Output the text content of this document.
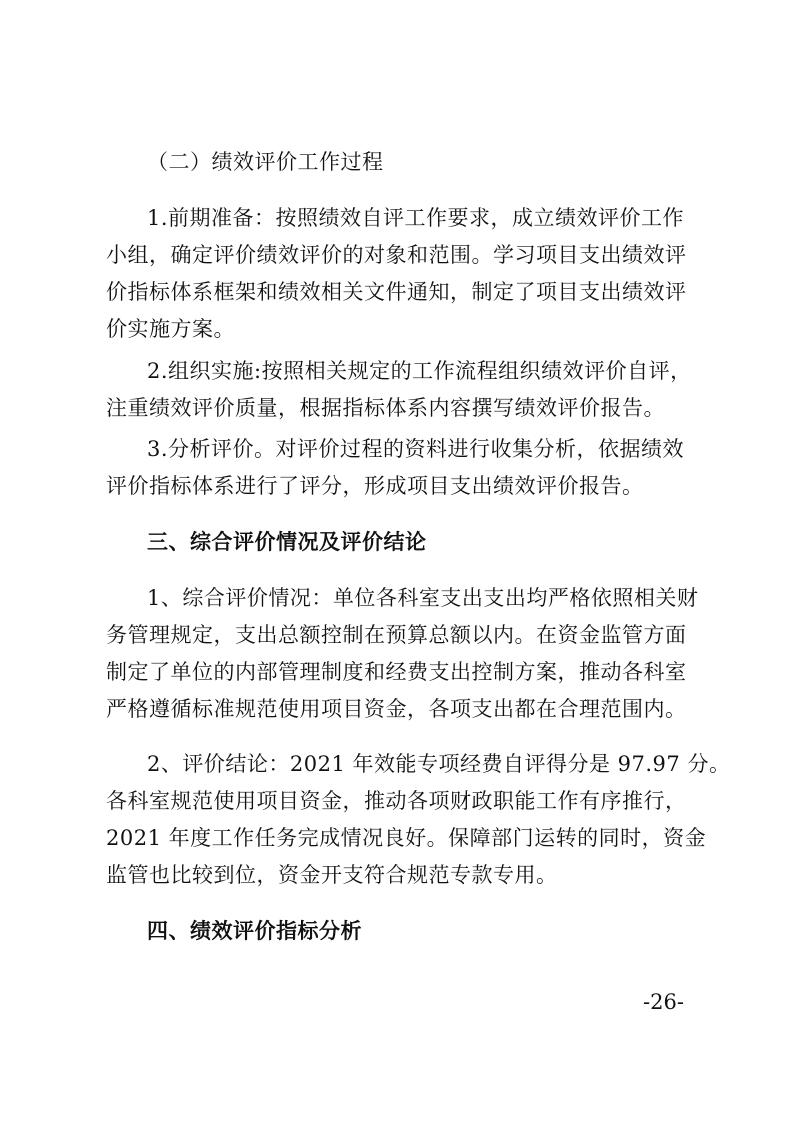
（二）绩效评价工作过程
1.前期准备：按照绩效自评工作要求，成立绩效评价工作
小组，确定评价绩效评价的对象和范围。学习项目支出绩效评
价指标体系框架和绩效相关文件通知，制定了项目支出绩效评
价实施方案。
2.组织实施:按照相关规定的工作流程组织绩效评价自评，
注重绩效评价质量，根据指标体系内容撰写绩效评价报告。
3.分析评价。对评价过程的资料进行收集分析，依据绩效
评价指标体系进行了评分，形成项目支出绩效评价报告。
三、综合评价情况及评价结论
1、综合评价情况：单位各科室支出支出均严格依照相关财
务管理规定，支出总额控制在预算总额以内。在资金监管方面
制定了单位的内部管理制度和经费支出控制方案，推动各科室
严格遵循标准规范使用项目资金，各项支出都在合理范围内。
2、评价结论：2021 年效能专项经费自评得分是 97.97 分。
各科室规范使用项目资金，推动各项财政职能工作有序推行，
2021 年度工作任务完成情况良好。保障部门运转的同时，资金
监管也比较到位，资金开支符合规范专款专用。
四、绩效评价指标分析
-26-
